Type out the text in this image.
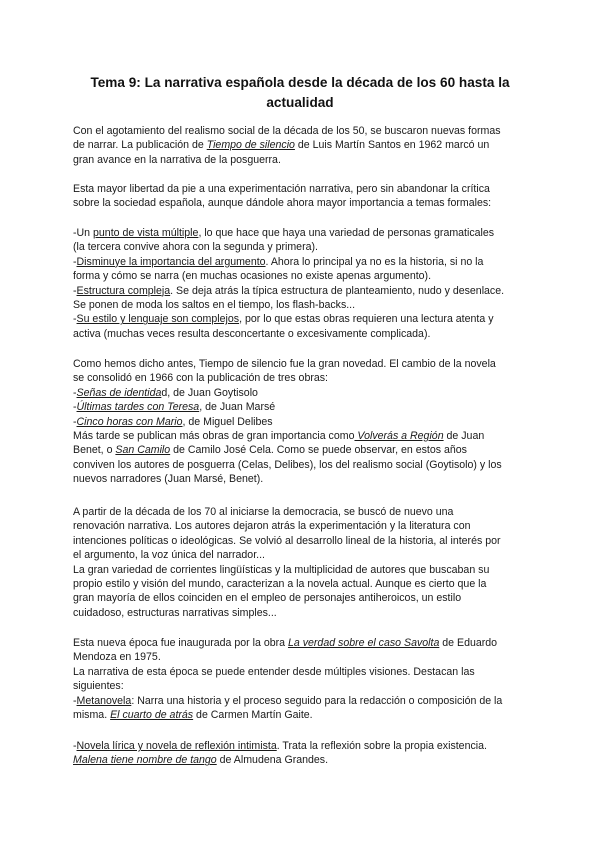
Tema 9: La narrativa española desde la década de los 60 hasta la
actualidad
Con el agotamiento del realismo social de la década de los 50, se buscaron nuevas formas
de narrar. La publicación de Tiempo de silencio de Luis Martín Santos en 1962 marcó un
gran avance en la narrativa de la posguerra.
Esta mayor libertad da pie a una experimentación narrativa, pero sin abandonar la crítica
sobre la sociedad española, aunque dándole ahora mayor importancia a temas formales:
-Un punto de vista múltiple, lo que hace que haya una variedad de personas gramaticales
(la tercera convive ahora con la segunda y primera).
-Disminuye la importancia del argumento. Ahora lo principal ya no es la historia, si no la
forma y cómo se narra (en muchas ocasiones no existe apenas argumento).
-Estructura compleja. Se deja atrás la típica estructura de planteamiento, nudo y desenlace.
Se ponen de moda los saltos en el tiempo, los flash-backs...
-Su estilo y lenguaje son complejos, por lo que estas obras requieren una lectura atenta y
activa (muchas veces resulta desconcertante o excesivamente complicada).
Como hemos dicho antes, Tiempo de silencio fue la gran novedad. El cambio de la novela
se consolidó en 1966 con la publicación de tres obras:
-Señas de identidad, de Juan Goytisolo
-Últimas tardes con Teresa, de Juan Marsé
-Cinco horas con Mario, de Miguel Delibes
Más tarde se publican más obras de gran importancia como Volverás a Región de Juan
Benet, o San Camilo de Camilo José Cela. Como se puede observar, en estos años
conviven los autores de posguerra (Celas, Delibes), los del realismo social (Goytisolo) y los
nuevos narradores (Juan Marsé, Benet).
A partir de la década de los 70 al iniciarse la democracia, se buscó de nuevo una
renovación narrativa. Los autores dejaron atrás la experimentación y la literatura con
intenciones políticas o ideológicas. Se volvió al desarrollo lineal de la historia, al interés por
el argumento, la voz única del narrador...
La gran variedad de corrientes lingüísticas y la multiplicidad de autores que buscaban su
propio estilo y visión del mundo, caracterizan a la novela actual. Aunque es cierto que la
gran mayoría de ellos coinciden en el empleo de personajes antiheroicos, un estilo
cuidadoso, estructuras narrativas simples...
Esta nueva época fue inaugurada por la obra La verdad sobre el caso Savolta de Eduardo
Mendoza en 1975.
La narrativa de esta época se puede entender desde múltiples visiones. Destacan las
siguientes:
-Metanovela: Narra una historia y el proceso seguido para la redacción o composición de la
misma. El cuarto de atrás de Carmen Martín Gaite.
-Novela lírica y novela de reflexión intimista. Trata la reflexión sobre la propia existencia.
Malena tiene nombre de tango de Almudena Grandes.
